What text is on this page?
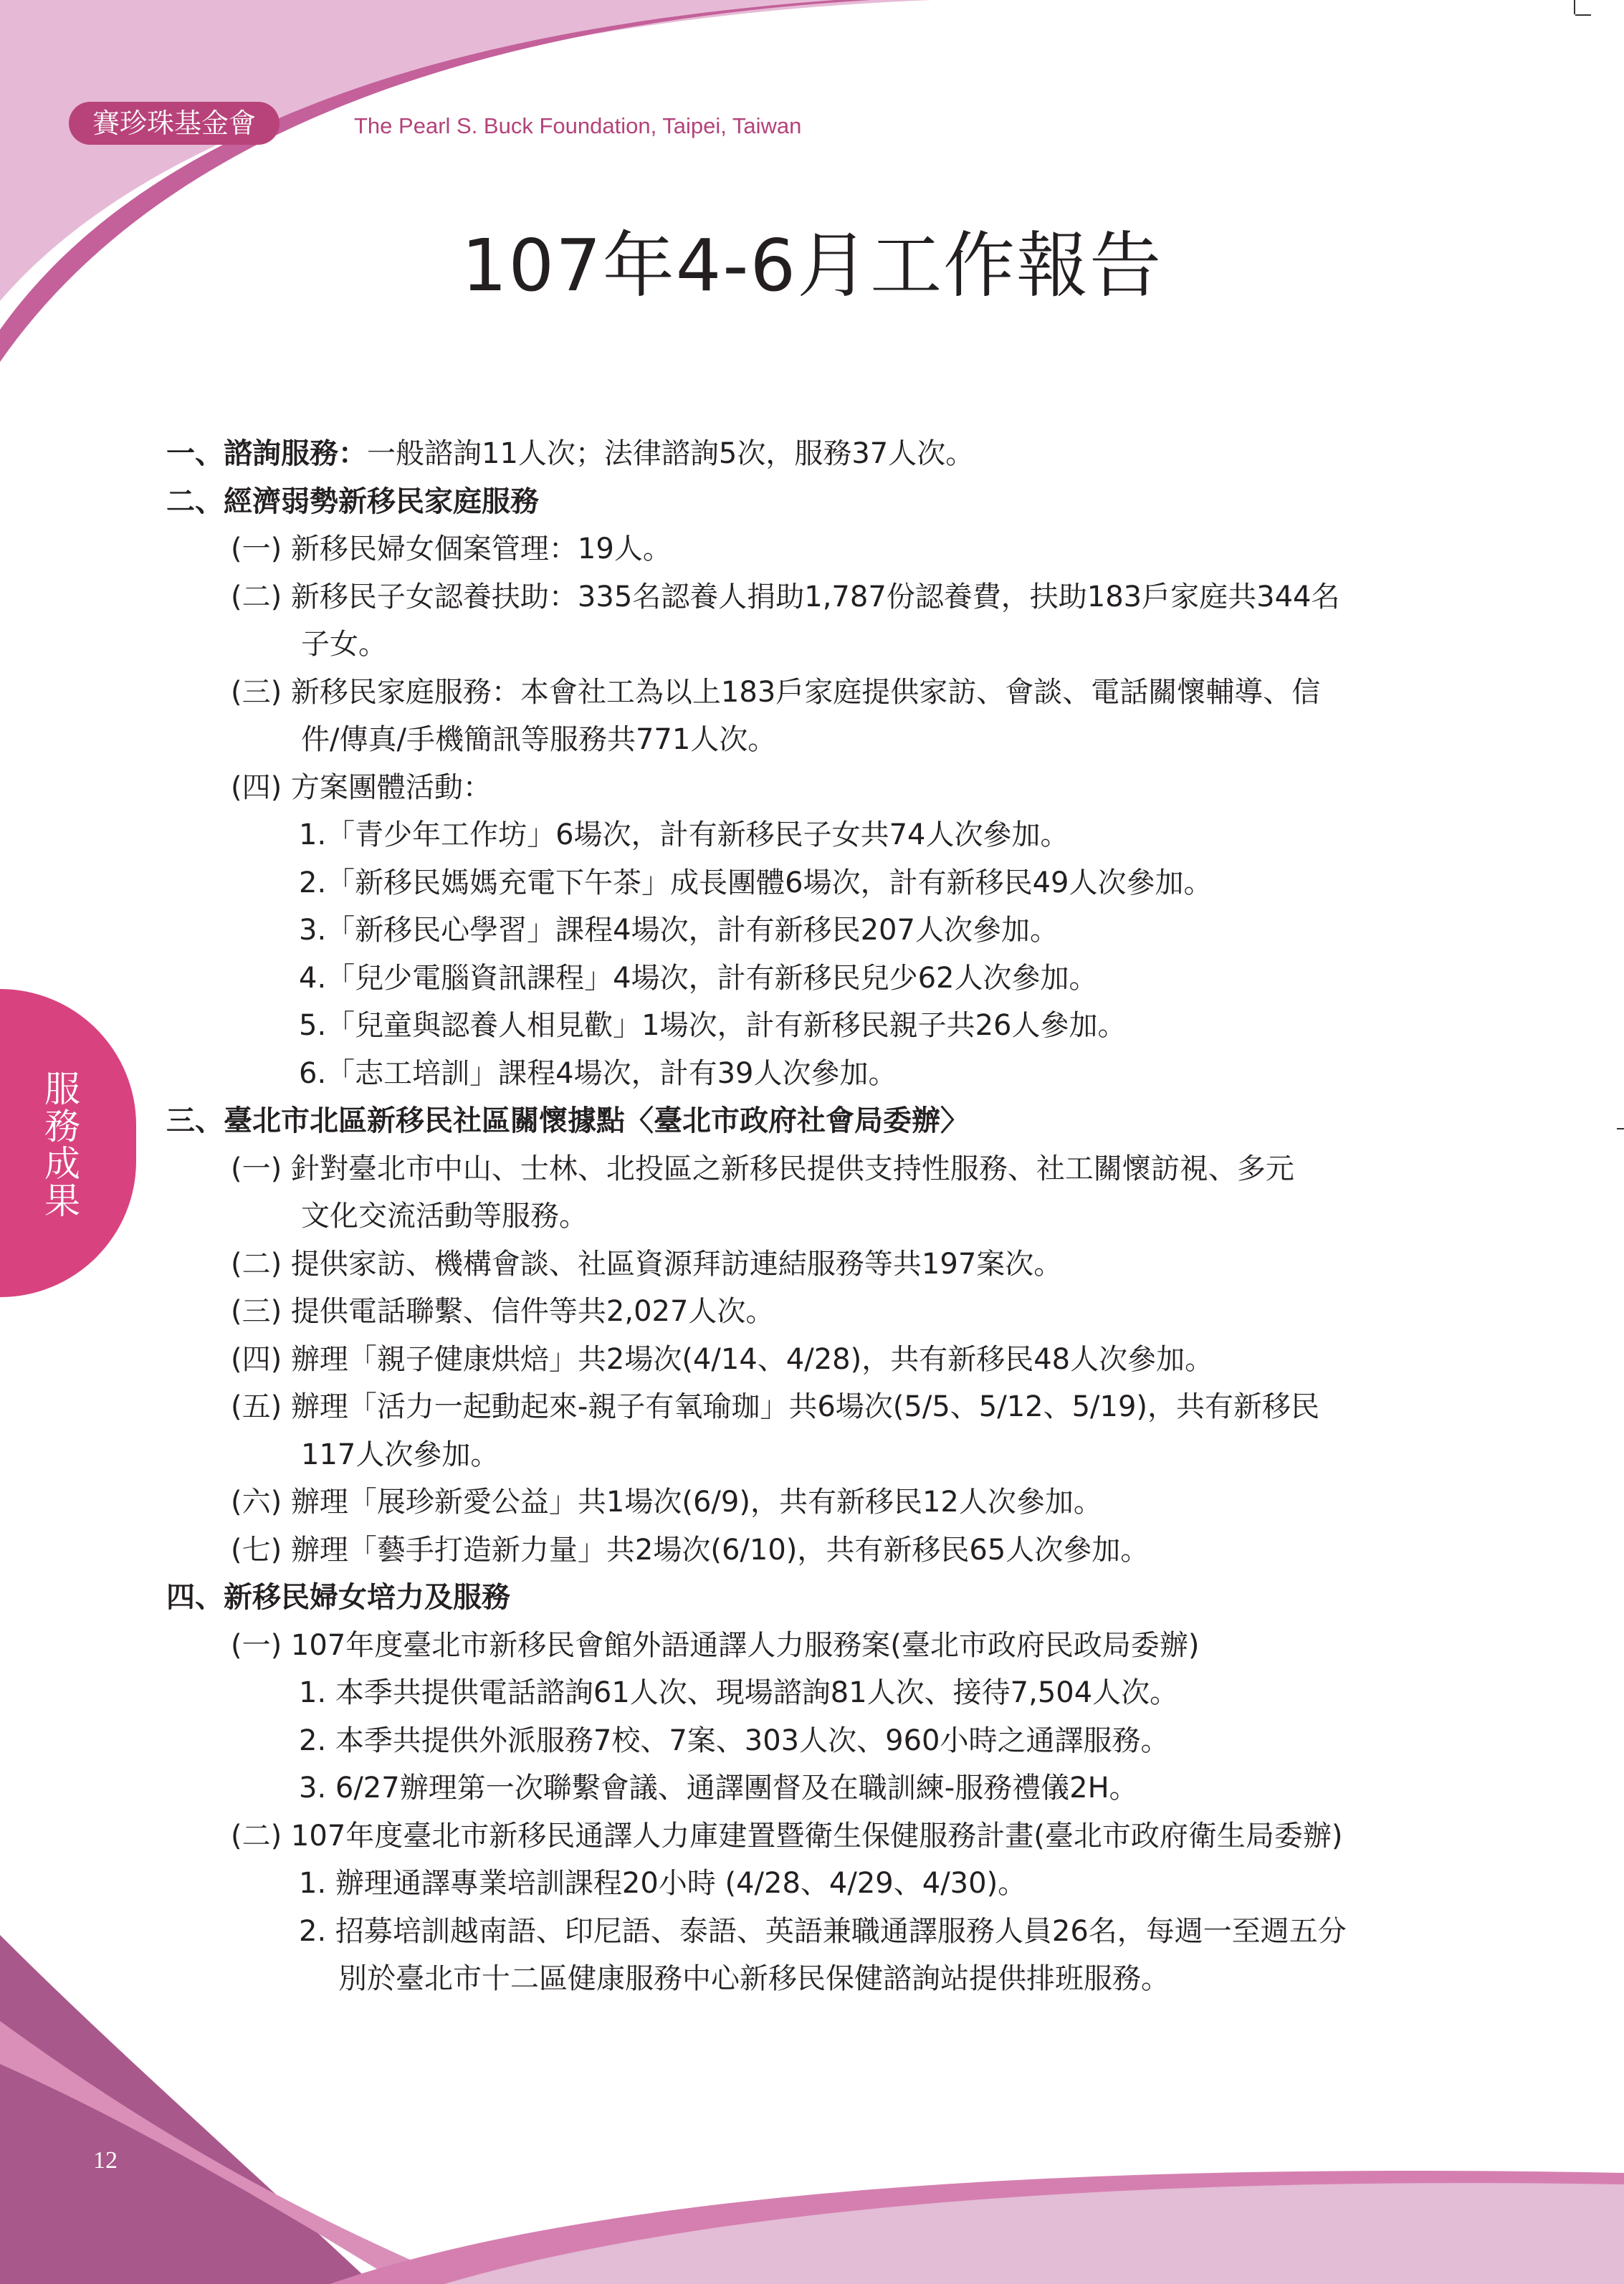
賽珍珠基金會	The Pearl S. Buck Foundation, Taipei, Taiwan
107年4-6月工作報告
服
務
成
果
一、諮詢服務：一般諮詢11人次；法律諮詢5次，服務37人次。
二、經濟弱勢新移民家庭服務
(一) 新移民婦女個案管理：19人。
(二) 新移民子女認養扶助：335名認養人捐助1,787份認養費，扶助183戶家庭共344名
子女。
(三) 新移民家庭服務：本會社工為以上183戶家庭提供家訪、會談、電話關懷輔導、信
件/傳真/手機簡訊等服務共771人次。
(四) 方案團體活動：
1.「青少年工作坊」6場次，計有新移民子女共74人次參加。
2.「新移民媽媽充電下午茶」成長團體6場次，計有新移民49人次參加。
3.「新移民心學習」課程4場次，計有新移民207人次參加。
4.「兒少電腦資訊課程」4場次，計有新移民兒少62人次參加。
5.「兒童與認養人相見歡」1場次，計有新移民親子共26人參加。
6.「志工培訓」課程4場次，計有39人次參加。
三、臺北市北區新移民社區關懷據點〈臺北市政府社會局委辦〉
(一) 針對臺北市中山、士林、北投區之新移民提供支持性服務、社工關懷訪視、多元
文化交流活動等服務。
(二) 提供家訪、機構會談、社區資源拜訪連結服務等共197案次。
(三) 提供電話聯繫、信件等共2,027人次。
(四) 辦理「親子健康烘焙」共2場次(4/14、4/28)，共有新移民48人次參加。
(五) 辦理「活力一起動起來-親子有氧瑜珈」共6場次(5/5、5/12、5/19)，共有新移民
117人次參加。
(六) 辦理「展珍新愛公益」共1場次(6/9)，共有新移民12人次參加。
(七) 辦理「藝手打造新力量」共2場次(6/10)，共有新移民65人次參加。
四、新移民婦女培力及服務
(一) 107年度臺北市新移民會館外語通譯人力服務案(臺北市政府民政局委辦)
1. 本季共提供電話諮詢61人次、現場諮詢81人次、接待7,504人次。
2. 本季共提供外派服務7校、7案、303人次、960小時之通譯服務。
3. 6/27辦理第一次聯繫會議、通譯團督及在職訓練-服務禮儀2H。
(二) 107年度臺北市新移民通譯人力庫建置暨衛生保健服務計畫(臺北市政府衛生局委辦)
1. 辦理通譯專業培訓課程20小時 (4/28、4/29、4/30)。
2. 招募培訓越南語、印尼語、泰語、英語兼職通譯服務人員26名，每週一至週五分
別於臺北市十二區健康服務中心新移民保健諮詢站提供排班服務。
12
